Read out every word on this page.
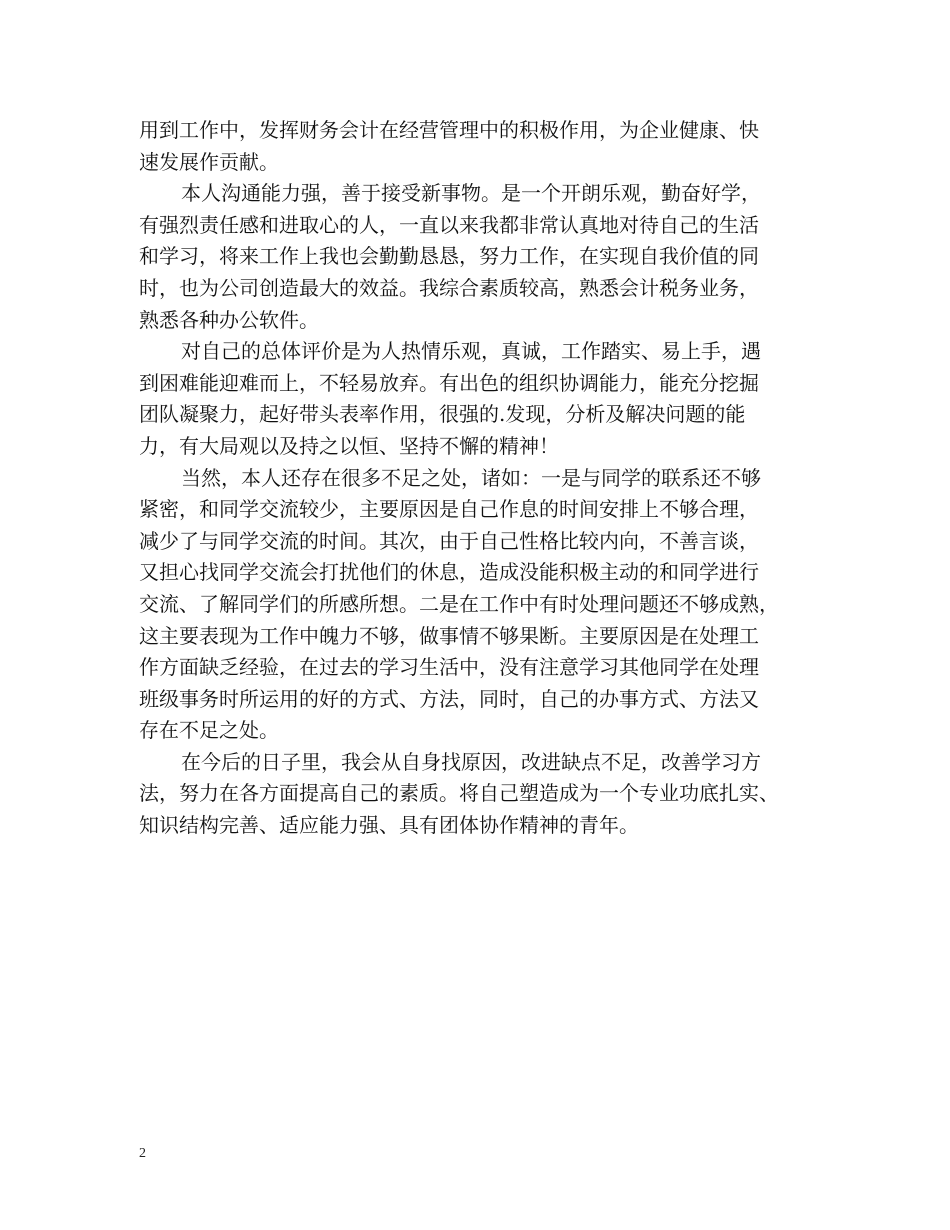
用到工作中，发挥财务会计在经营管理中的积极作用，为企业健康、快
速发展作贡献。
本人沟通能力强，善于接受新事物。是一个开朗乐观，勤奋好学，
有强烈责任感和进取心的人，一直以来我都非常认真地对待自己的生活
和学习，将来工作上我也会勤勤恳恳，努力工作，在实现自我价值的同
时，也为公司创造最大的效益。我综合素质较高，熟悉会计税务业务，
熟悉各种办公软件。
对自己的总体评价是为人热情乐观，真诚，工作踏实、易上手，遇
到困难能迎难而上，不轻易放弃。有出色的组织协调能力，能充分挖掘
团队凝聚力，起好带头表率作用，很强的.发现，分析及解决问题的能
力，有大局观以及持之以恒、坚持不懈的精神！
当然，本人还存在很多不足之处，诸如：一是与同学的联系还不够
紧密，和同学交流较少，主要原因是自己作息的时间安排上不够合理，
减少了与同学交流的时间。其次，由于自己性格比较内向，不善言谈，
又担心找同学交流会打扰他们的休息，造成没能积极主动的和同学进行
交流、了解同学们的所感所想。二是在工作中有时处理问题还不够成熟，
这主要表现为工作中魄力不够，做事情不够果断。主要原因是在处理工
作方面缺乏经验，在过去的学习生活中，没有注意学习其他同学在处理
班级事务时所运用的好的方式、方法，同时，自己的办事方式、方法又
存在不足之处。
在今后的日子里，我会从自身找原因，改进缺点不足，改善学习方
法，努力在各方面提高自己的素质。将自己塑造成为一个专业功底扎实、
知识结构完善、适应能力强、具有团体协作精神的青年。
2
